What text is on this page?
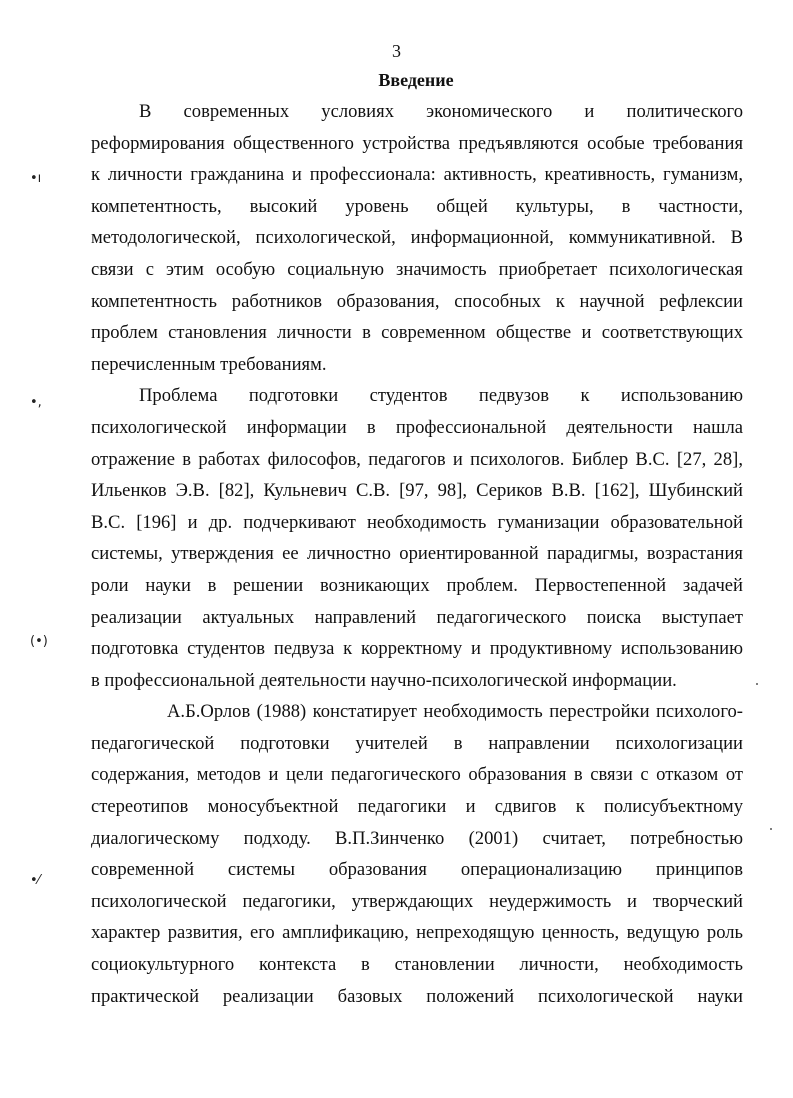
3
Введение
В современных условиях экономического и политического
реформирования общественного устройства предъявляются особые требования
к личности гражданина и профессионала: активность, креативность, гуманизм,
компетентность, высокий уровень общей культуры, в частности,
методологической, психологической, информационной, коммуникативной. В
связи с этим особую социальную значимость приобретает психологическая
компетентность работников образования, способных к научной рефлексии
проблем становления личности в современном обществе и соответствующих
перечисленным требованиям.
Проблема подготовки студентов педвузов к использованию
психологической информации в профессиональной деятельности нашла
отражение в работах философов, педагогов и психологов. Библер В.С. [27, 28],
Ильенков Э.В. [82], Кульневич С.В. [97, 98], Сериков В.В. [162], Шубинский
В.С. [196] и др. подчеркивают необходимость гуманизации образовательной
системы, утверждения ее личностно ориентированной парадигмы, возрастания
роли науки в решении возникающих проблем. Первостепенной задачей
реализации актуальных направлений педагогического поиска выступает
подготовка студентов педвуза к корректному и продуктивному использованию
в профессиональной деятельности научно-психологической информации.
А.Б.Орлов (1988) констатирует необходимость перестройки психолого-
педагогической подготовки учителей в направлении психологизации
содержания, методов и цели педагогического образования в связи с отказом от
стереотипов моносубъектной педагогики и сдвигов к полисубъектному
диалогическому подходу. В.П.Зинченко (2001) считает, потребностью
современной системы образования операционализацию принципов
психологической педагогики, утверждающих неудержимость и творческий
характер развития, его амплификацию, непреходящую ценность, ведущую роль
социокультурного контекста в становлении личности, необходимость
практической реализации базовых положений психологической науки
•ı
•,
(•)
•⁄
